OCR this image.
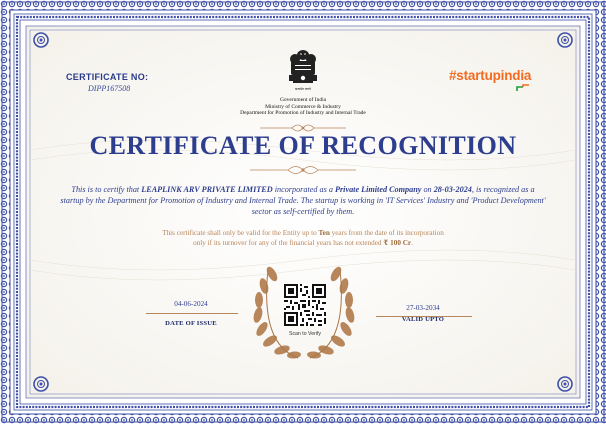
CERTIFICATE NO:
DIPP167508	सत्यमेव जयते
Government of India
Ministry of Commerce & Industry
Department for Promotion of Industry and Internal Trade
#startupindia
CERTIFICATE OF RECOGNITION
This is to certify that LEAPLINK ARV PRIVATE LIMITED incorporated as a Private Limited Company on 28-03-2024, is recognized as a startup by the Department for Promotion of Industry and Internal Trade. The startup is working in 'IT Services' Industry and 'Product Development' sector as self-certified by them.
This certificate shall only be valid for the Entity up to Ten years from the date of its incorporation
only if its turnover for any of the financial years has not extended ₹ 100 Cr.
04-06-2024
DATE OF ISSUE
27-03-2034
VALID UPTO
Scan to Verify
